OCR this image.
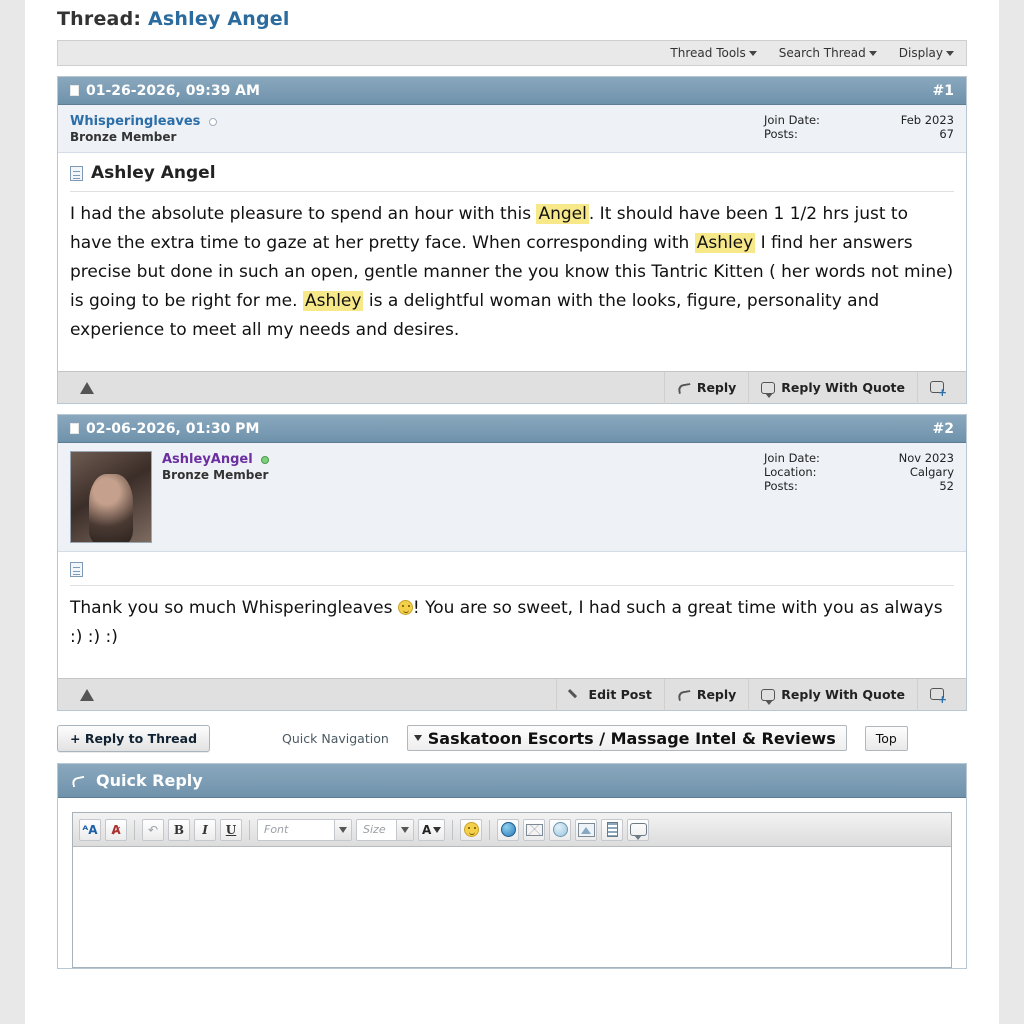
Thread: Ashley Angel
Thread Tools	Search Thread	Display
01-26-2026, 09:39 AM	#1
Whisperingleaves
Bronze Member
Join Date:	Feb 2023
Posts:	67
Ashley Angel
I had the absolute pleasure to spend an hour with this Angel . It should have been 1 1/2 hrs just to have the extra time to gaze at her pretty face. When corresponding with Ashley I find her answers precise but done in such an open, gentle manner the you know this Tantric Kitten ( her words not mine) is going to be right for me. Ashley is a delightful woman with the looks, figure, personality and experience to meet all my needs and desires.
Reply	Reply With Quote
+
02-06-2026, 01:30 PM	#2
AshleyAngel
Bronze Member
Join Date:	Nov 2023
Location:	Calgary
Posts:	52
Thank you so much Whisperingleaves ! You are so sweet, I had such a great time with you as always :) :) :)
Edit Post	Reply	Reply With Quote
+
+ Reply to Thread	Quick Navigation Saskatoon Escorts / Massage Intel & Reviews	Top
Quick Reply
ᴬA	A̷	↶	B	I	U	Font	Size	A
